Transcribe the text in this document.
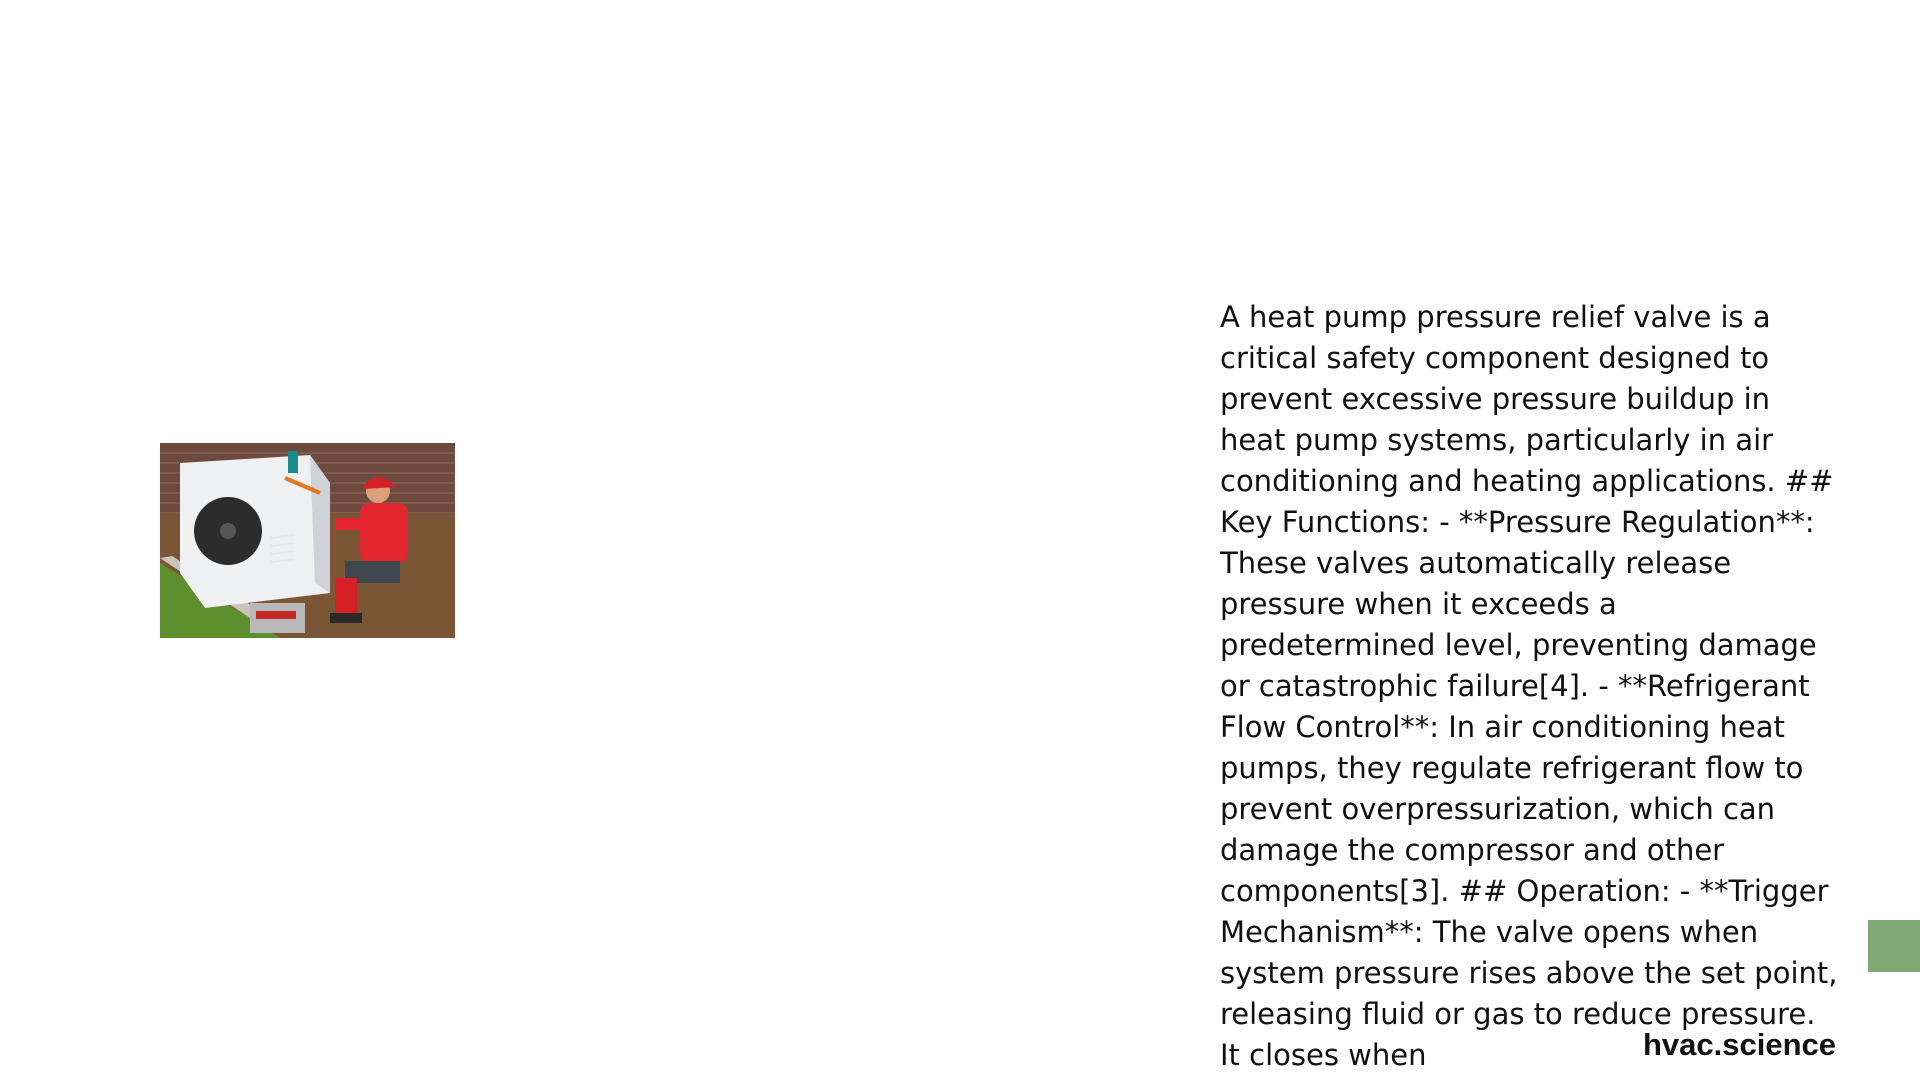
A heat pump pressure relief valve is a critical safety component designed to prevent excessive pressure buildup in heat pump systems, particularly in air conditioning and heating applications. ## Key Functions: - **Pressure Regulation**: These valves automatically release pressure when it exceeds a predetermined level, preventing damage or catastrophic failure[4]. - **Refrigerant Flow Control**: In air conditioning heat pumps, they regulate refrigerant flow to prevent overpressurization, which can damage the compressor and other components[3]. ## Operation: - **Trigger Mechanism**: The valve opens when system pressure rises above the set point, releasing fluid or gas to reduce pressure. It closes when	hvac.science
